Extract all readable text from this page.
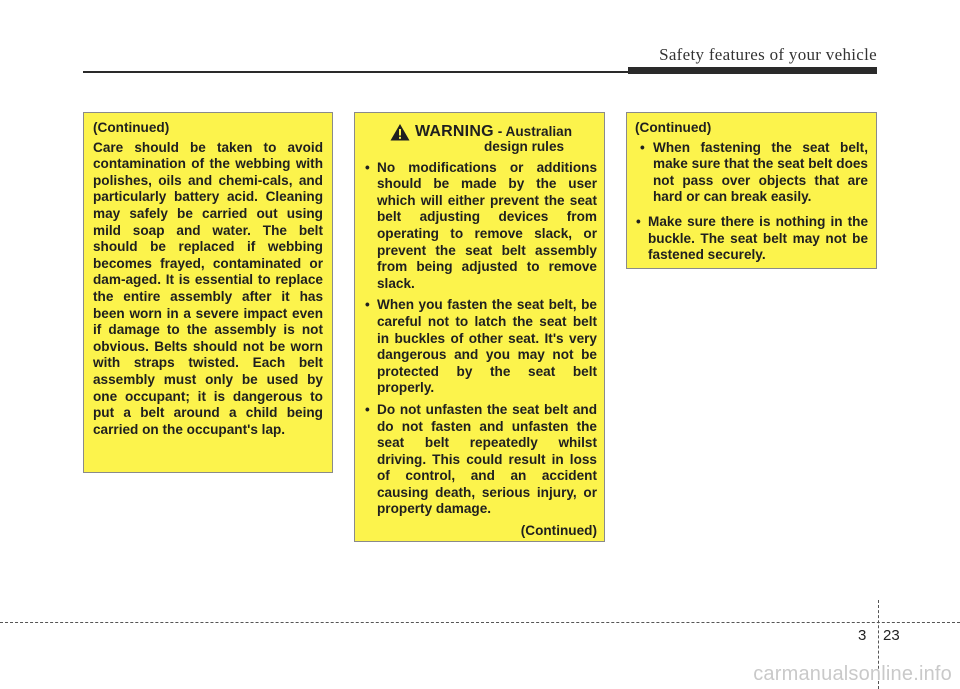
Safety features of your vehicle

(Continued)

Care should be taken to avoid contamination of the webbing with polishes, oils and chemi-cals, and particularly battery acid. Cleaning may safely be carried out using mild soap and water. The belt should be replaced if webbing becomes frayed, contaminated or dam-aged. It is essential to replace the entire assembly after it has been worn in a severe impact even if damage to the assembly is not obvious. Belts should not be worn with straps twisted. Each belt assembly must only be used by one occupant; it is dangerous to put a belt around a child being carried on the occupant's lap.

WARNING - Australian
design rules
• No modifications or additions should be made by the user which will either prevent the seat belt adjusting devices from operating to remove slack, or prevent the seat belt assembly from being adjusted to remove slack.
• When you fasten the seat belt, be careful not to latch the seat belt in buckles of other seat. It's very dangerous and you may not be protected by the seat belt properly.
• Do not unfasten the seat belt and do not fasten and unfasten the seat belt repeatedly whilst driving. This could result in loss of control, and an accident causing death, serious injury, or property damage.

(Continued)

(Continued)

• When fastening the seat belt, make sure that the seat belt does not pass over objects that are hard or can break easily.
• Make sure there is nothing in the buckle. The seat belt may not be fastened securely.
3 23
carmanualsonline.info
